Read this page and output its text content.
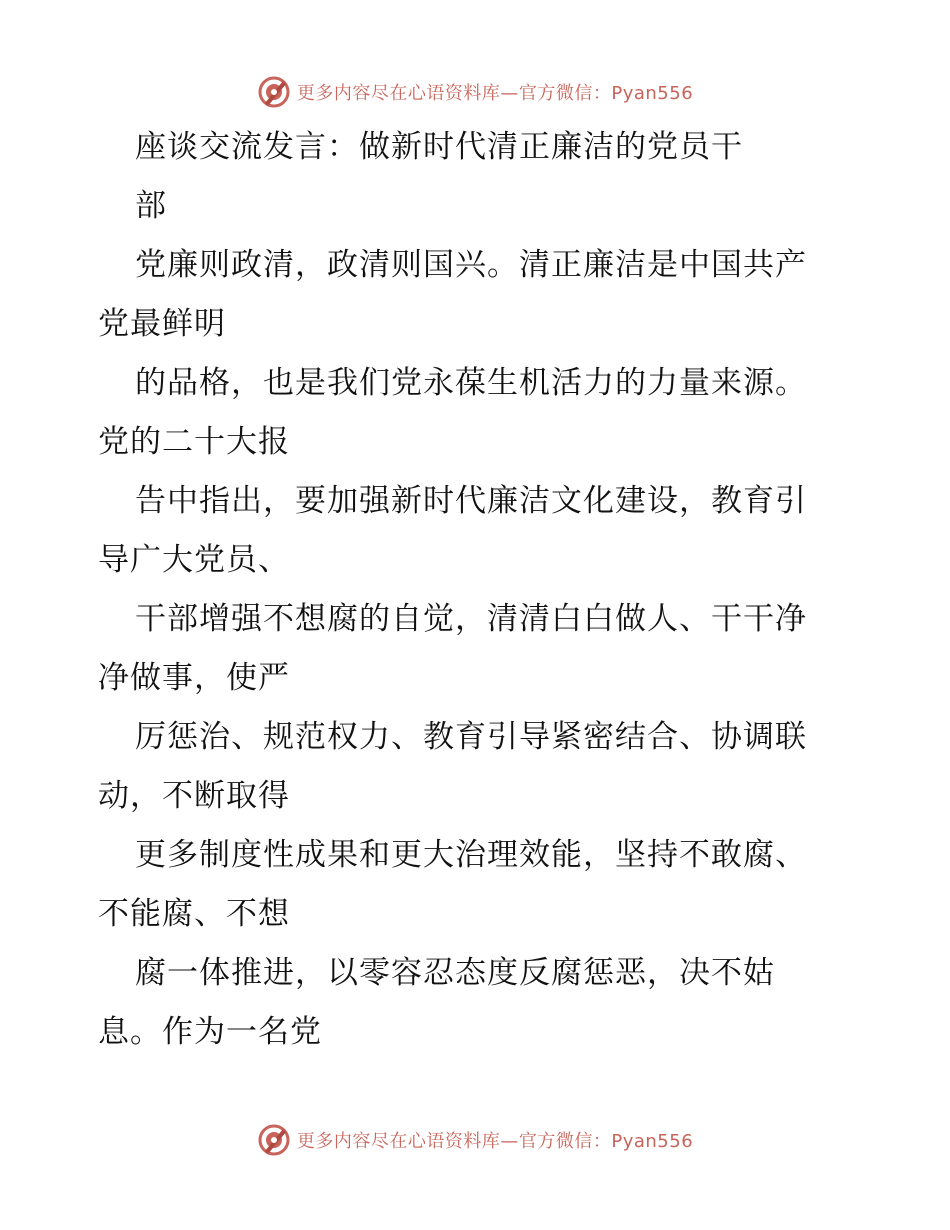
更多内容尽在心语资料库—官方微信：Pyan556
座谈交流发言：做新时代清正廉洁的党员干
部
党廉则政清，政清则国兴。清正廉洁是中国共产
党最鲜明
的品格，也是我们党永葆生机活力的力量来源。
党的二十大报
告中指出，要加强新时代廉洁文化建设，教育引
导广大党员、
干部增强不想腐的自觉，清清白白做人、干干净
净做事，使严
厉惩治、规范权力、教育引导紧密结合、协调联
动，不断取得
更多制度性成果和更大治理效能，坚持不敢腐、
不能腐、不想
腐一体推进，以零容忍态度反腐惩恶，决不姑
息。作为一名党
更多内容尽在心语资料库—官方微信：Pyan556
